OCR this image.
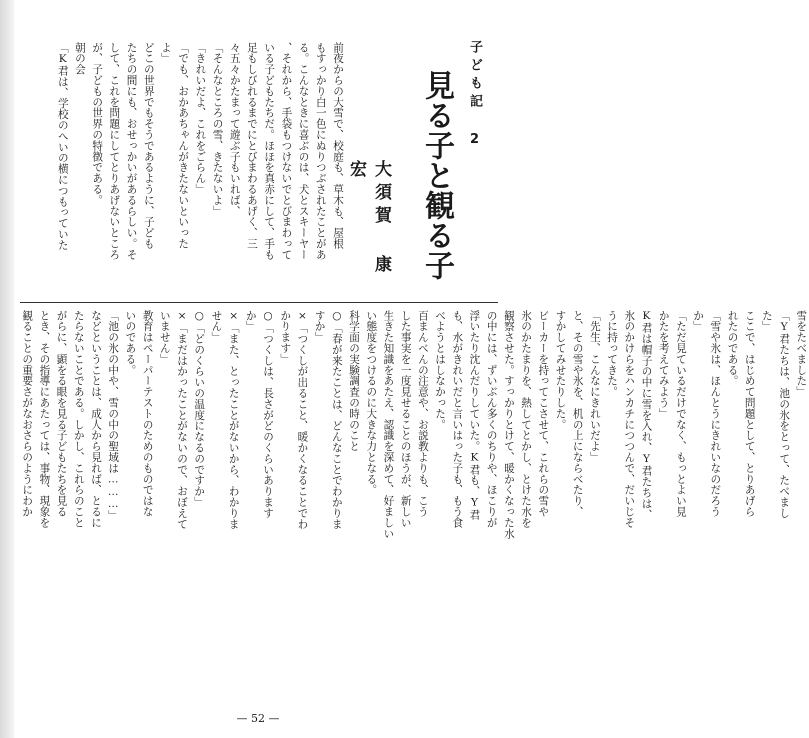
子ども記 2
見る子と観る子
大須賀 康宏
前夜からの大雪で、校庭も、草木も、屋根
もすっかり白一色にぬりつぶされたことがあ
る。こんなときに喜ぶのは、犬とスキーヤー
、それから、手袋もつけないでとびまわって
いる子どもたちだ。ほほを真赤にして、手も
足もしびれるまでにとびまわるあげく、三
々五々かたまって遊ぶ子もいれば、
「そんなところの雪、きたないよ」
「きれいだよ、これをごらん」
「でも、おかあちゃんがきたないといった
よ」
どこの世界でもそうであるように、子ども
たちの間にも、おせっかいがあるらしい。そ
して、これを問題にしてとりあげないところ
が、子どもの世界の特徴である。
朝の会
「K君は、学校のへいの横につもっていた
雪をたべました」
「Y君たちは、池の氷をとって、たべまし
た」
ここで、はじめて問題として、とりあげら
れたのである。
「雪や氷は、ほんとうにきれいなのだろう
か」
「ただ見ているだけでなく、もっとよい見
かたを考えてみよう」
K君は帽子の中に雪を入れ、Y君たちは、
氷のかけらをハンカチにつつんで、だいじそ
うに持ってきた。
「先生、こんなにきれいだよ」
と、その雪や氷を、机の上にならべたり、
すかしてみせたりした。
ビーカーを持ってこさせて、これらの雪や
氷のかたまりを、熱してとかし、とけた水を
観察させた。すっかりとけて、暖かくなった水
の中には、ずいぶん多くのちりや、ほこりが
浮いたり沈んだりしていた。K君も、Y君
も、水がきれいだと言いはった子も、もう食
べようとはしなかった。
百まんべんの注意や、お説教よりも、こう
した事実を一度見せることのほうが、新しい
生きた知識をあたえ、認識を深めて、好ましい
い態度をつけるのに大きな力となる。
科学面の実験調査の時のこと
○「春が来たことは、どんなことでわかりま
すか」
×「つくしが出ること、暖かくなることでわ
かります」
○「つくしは、長さがどのくらいあります
か」
×「また、とったことがないから、わかりま
せん」
○「どのくらいの温度になるのですか」
×「まだはかったことがないので、おぼえて
いません」
教育はペーパーテストのためのものではな
いのである。
「池の氷の中や、雪の中の聖域は………」
などということは、成人から見れば、とるに
たらないことである。しかし、これらのこと
がらに、顕をる眼を見る子どもたちを見る
とき、その指導にあたっては、事物、現象を
観ることの重要さがなおさらのようにわか
— 52 —
